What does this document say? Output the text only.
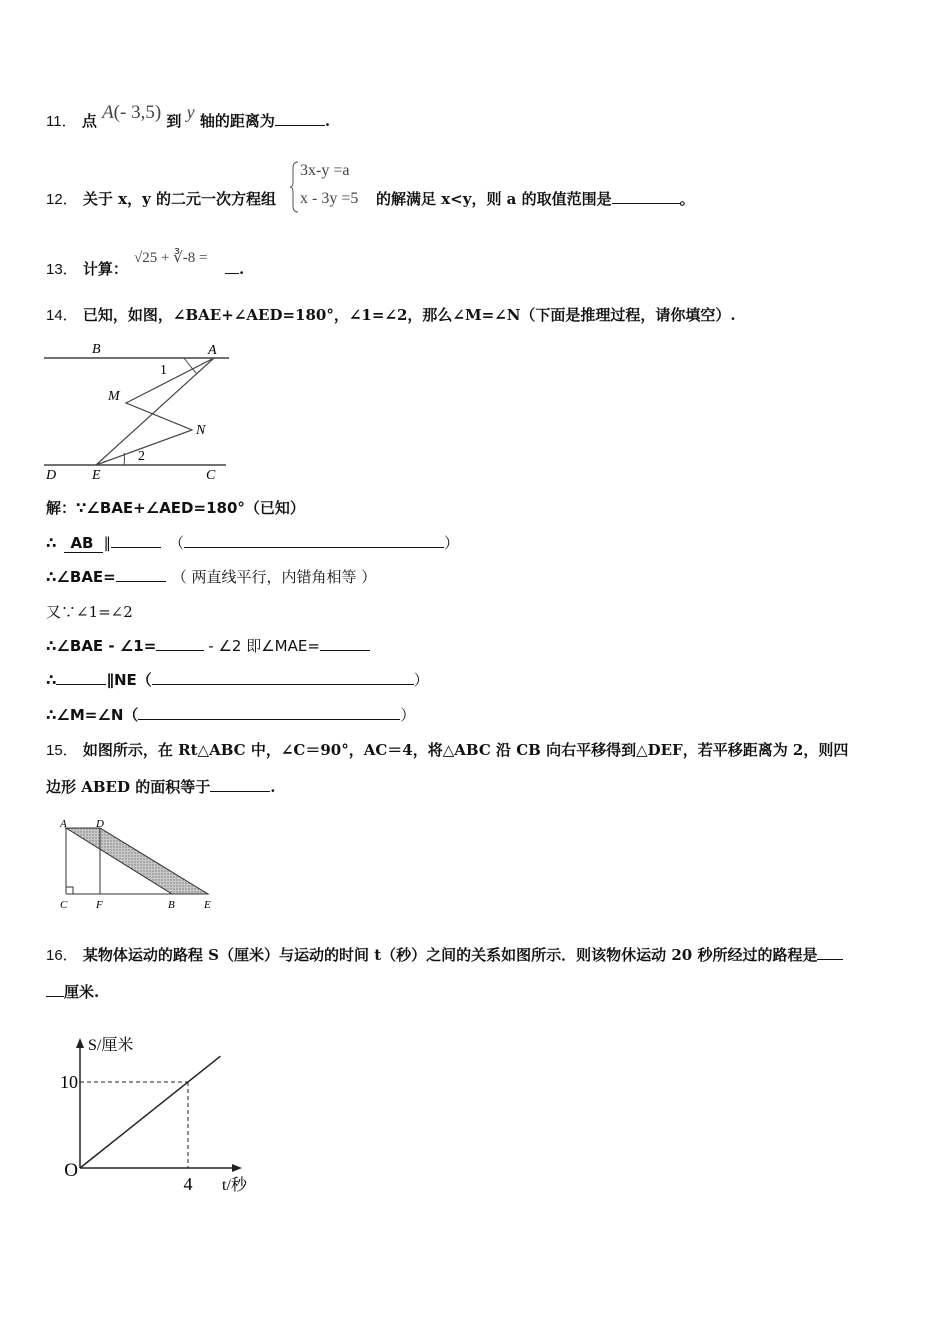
11． 点 A(- 3,5) 到 y 轴的距离为	.
12． 关于 x，y 的二元一次方程组
3x-y =a
x - 3y =5 的解满足 x<y，则 a 的取值范围是	。
13． 计算：
√25 + ∛-8 =
.
14． 已知，如图，∠BAE+∠AED=180°，∠1=∠2，那么∠M=∠N（下面是推理过程，请你填空）.
B	A
1
M
N
D	E
2
C
解：∵∠BAE+∠AED=180°（已知）
∴ AB ∥	（	）
∴∠BAE=	（ 两直线平行，内错角相等 ）
又∵∠1=∠2
∴∠BAE - ∠1=	- ∠2 即∠MAE=
∴	∥NE（	）
∴∠M=∠N（	）
15． 如图所示，在 Rt△ABC 中，∠C＝90°，AC＝4，将△ABC 沿 CB 向右平移得到△DEF，若平移距离为 2，则四
边形 ABED 的面积等于	.
A	D
C	F	B	E
16． 某物体运动的路程 S（厘米）与运动的时间 t（秒）之间的关系如图所示．则该物休运动 20 秒所经过的路程是
厘米.
10
4
O
S/厘米
t/秒
